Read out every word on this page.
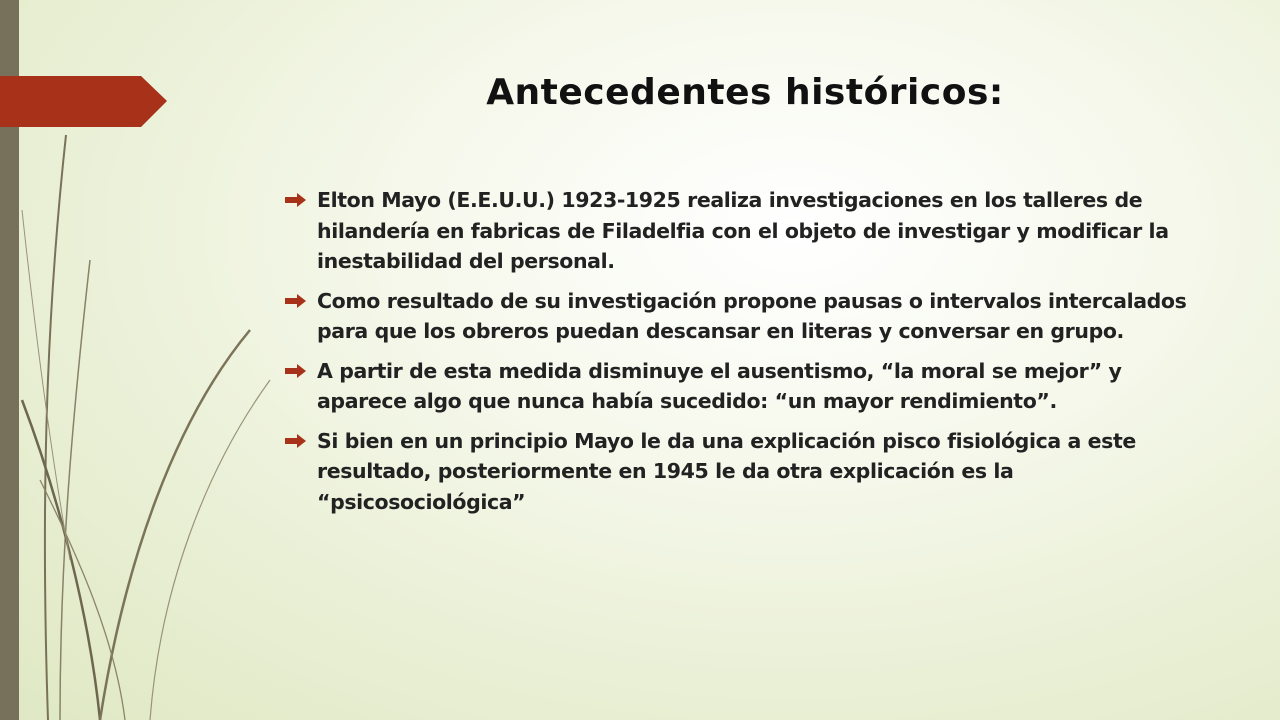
Antecedentes históricos:
Elton Mayo (E.E.U.U.) 1923-1925 realiza investigaciones en los talleres de hilandería en fabricas de Filadelfia con el objeto de investigar y modificar la inestabilidad del personal.
Como resultado de su investigación propone pausas o intervalos intercalados para que los obreros puedan descansar en literas y conversar en grupo.
A partir de esta medida disminuye el ausentismo, “la moral se mejor” y aparece algo que nunca había sucedido: “un mayor rendimiento”.
Si bien en un principio Mayo le da una explicación pisco fisiológica a este resultado, posteriormente en 1945 le da otra explicación es la “psicosociológica”
